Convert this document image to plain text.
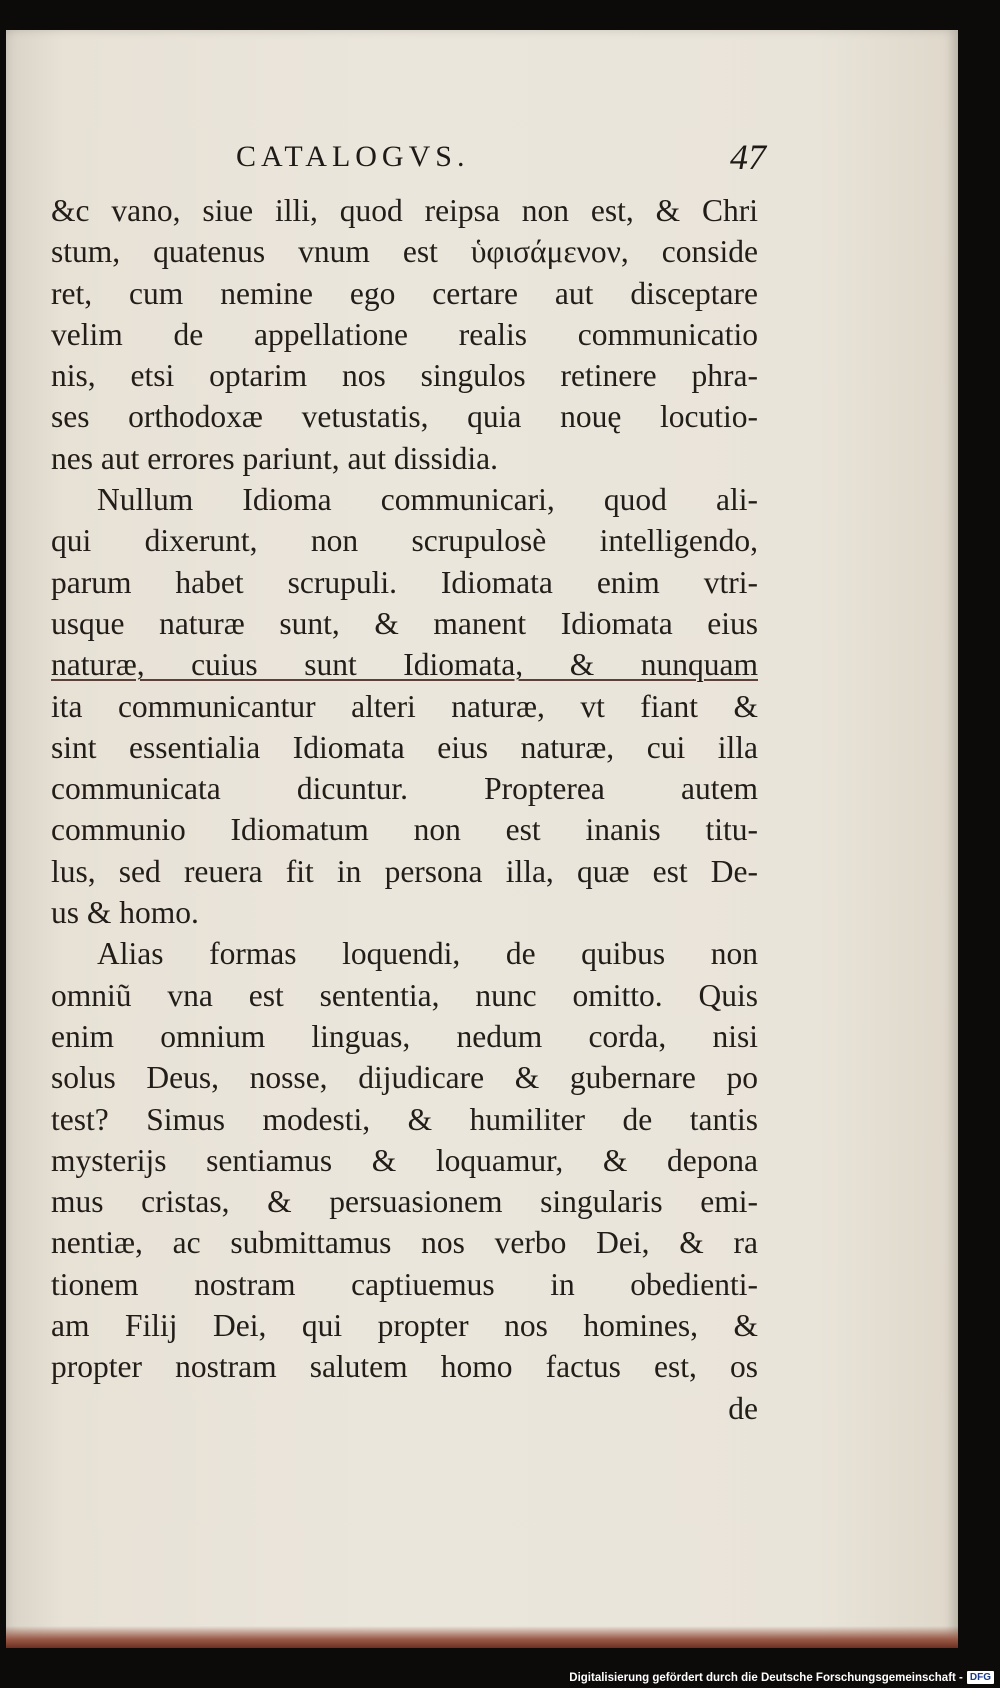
CATALOGVS.	47
&c vano, siue illi, quod reipsa non est, & Chri
stum, quatenus vnum est ὑφισάμενον, conside
ret, cum nemine ego certare aut disceptare
velim de appellatione realis communicatio
nis, etsi optarim nos singulos retinere phra-
ses orthodoxæ vetustatis, quia nouę locutio-
nes aut errores pariunt, aut dissidia.
Nullum Idioma communicari, quod ali-
qui dixerunt, non scrupulosè intelligendo,
parum habet scrupuli. Idiomata enim vtri-
usque naturæ sunt, & manent Idiomata eius
naturæ, cuius sunt Idiomata, & nunquam
ita communicantur alteri naturæ, vt fiant &
sint essentialia Idiomata eius naturæ, cui illa
communicata dicuntur. Propterea autem
communio Idiomatum non est inanis titu-
lus, sed reuera fit in persona illa, quæ est De-
us & homo.
Alias formas loquendi, de quibus non
omniũ vna est sententia, nunc omitto. Quis
enim omnium linguas, nedum corda, nisi
solus Deus, nosse, dijudicare & gubernare po
test? Simus modesti, & humiliter de tantis
mysterijs sentiamus & loquamur, & depona
mus cristas, & persuasionem singularis emi-
nentiæ, ac submittamus nos verbo Dei, & ra
tionem nostram captiuemus in obedienti-
am Filij Dei, qui propter nos homines, &
propter nostram salutem homo factus est, os
de
Digitalisierung gefördert durch die Deutsche Forschungsgemeinschaft - DFG
